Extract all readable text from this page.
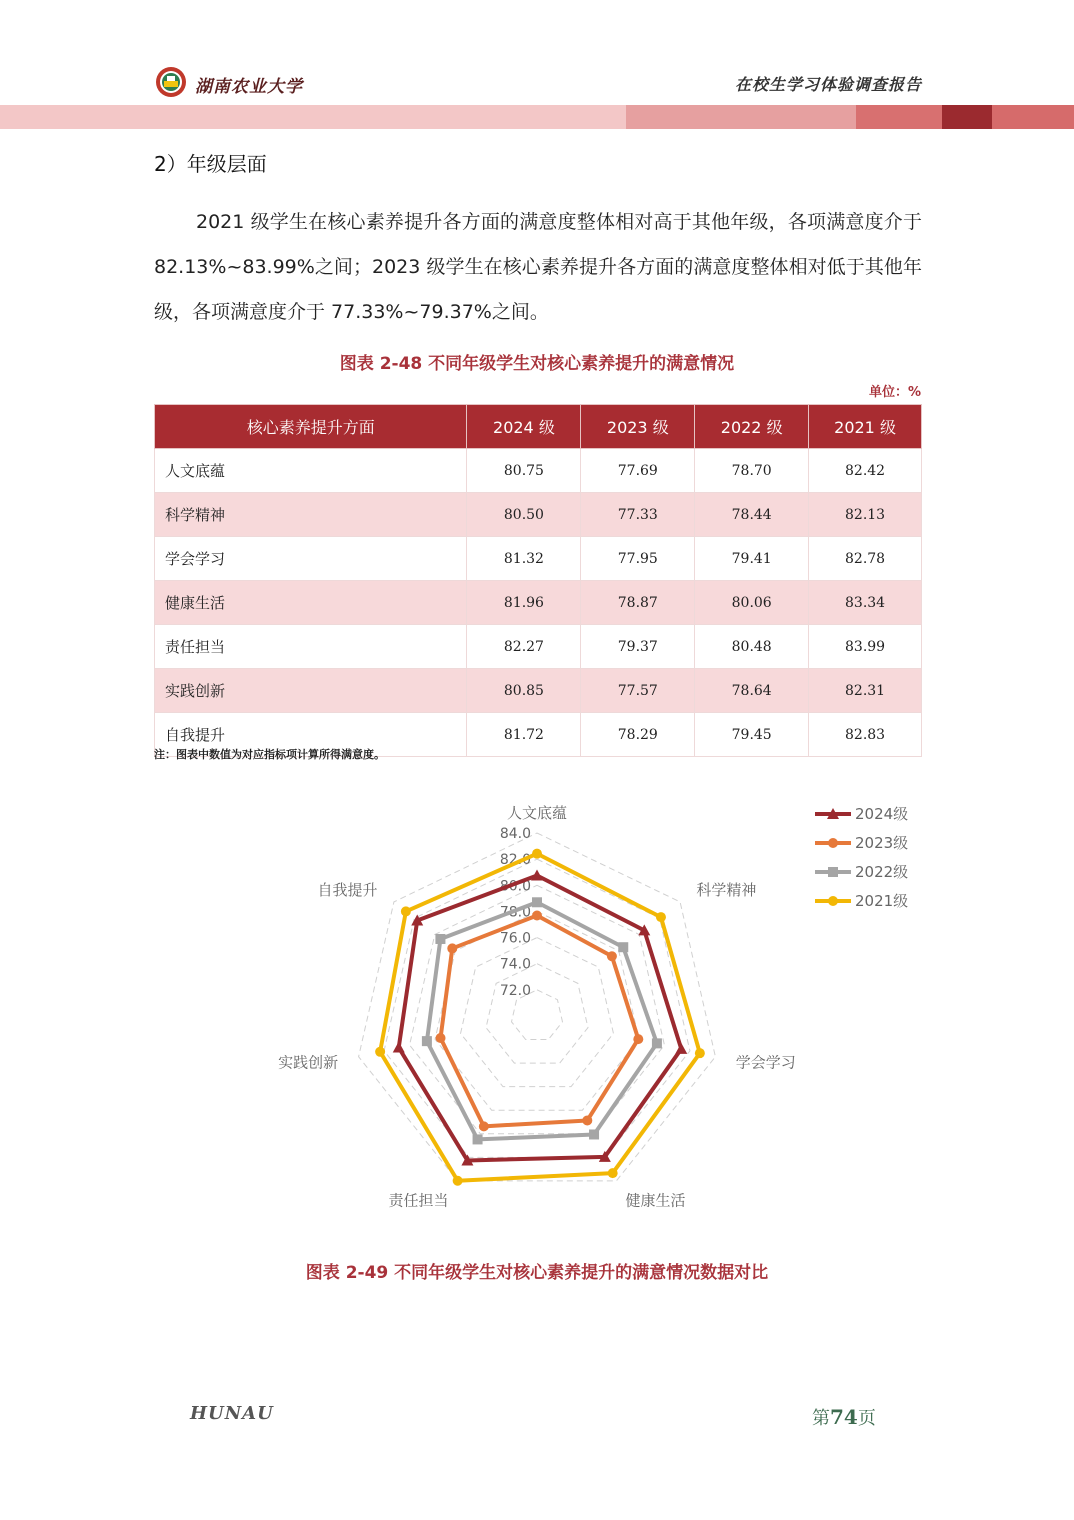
湖南农业大学	在校生学习体验调查报告
2）年级层面
2021 级学生在核心素养提升各方面的满意度整体相对高于其他年级，各项满意度介于 82.13%~83.99%之间；2023 级学生在核心素养提升各方面的满意度整体相对低于其他年级，各项满意度介于 77.33%~79.37%之间。
图表 2-48 不同年级学生对核心素养提升的满意情况
单位：%
核心素养提升方面	2024 级	2023 级	2022 级	2021 级
人文底蕴	80.75	77.69	78.70	82.42
科学精神	80.50	77.33	78.44	82.13
学会学习	81.32	77.95	79.41	82.78
健康生活	81.96	78.87	80.06	83.34
责任担当	82.27	79.37	80.48	83.99
实践创新	80.85	77.57	78.64	82.31
自我提升	81.72	78.29	79.45	82.83
注：图表中数值为对应指标项计算所得满意度。
72.0
74.0
76.0
78.0
80.0
82.0
84.0
人文底蕴
科学精神
学会学习
健康生活
责任担当
实践创新
自我提升
2024级
2023级
2022级
2021级
图表 2-49 不同年级学生对核心素养提升的满意情况数据对比
HUNAU	第74页
